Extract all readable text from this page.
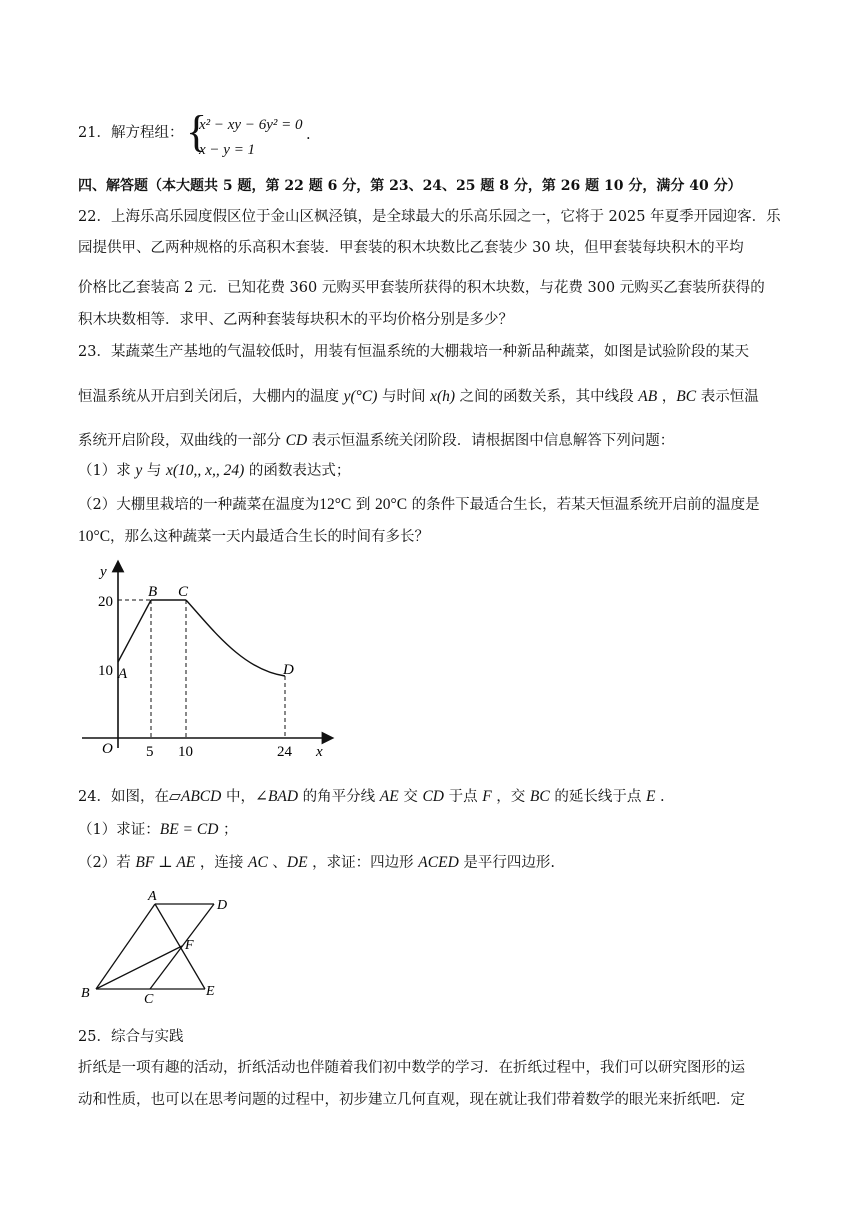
21．解方程组： {
x² − xy − 6y² = 0
x − y = 1
.
四、解答题（本大题共 5 题，第 22 题 6 分，第 23、24、25 题 8 分，第 26 题 10 分，满分 40 分）
22．上海乐高乐园度假区位于金山区枫泾镇，是全球最大的乐高乐园之一，它将于 2025 年夏季开园迎客．乐
园提供甲、乙两种规格的乐高积木套装．甲套装的积木块数比乙套装少 30 块，但甲套装每块积木的平均
价格比乙套装高 2 元．已知花费 360 元购买甲套装所获得的积木块数，与花费 300 元购买乙套装所获得的
积木块数相等．求甲、乙两种套装每块积木的平均价格分别是多少？
23．某蔬菜生产基地的气温较低时，用装有恒温系统的大棚栽培一种新品种蔬菜，如图是试验阶段的某天
恒温系统从开启到关闭后，大棚内的温度 y(°C) 与时间 x(h) 之间的函数关系，其中线段 AB ，BC 表示恒温
系统开启阶段，双曲线的一部分 CD 表示恒温系统关闭阶段．请根据图中信息解答下列问题：
（1）求 y 与 x(10,, x,, 24) 的函数表达式；
（2）大棚里栽培的一种蔬菜在温度为12°C 到 20°C 的条件下最适合生长，若某天恒温系统开启前的温度是
10°C，那么这种蔬菜一天内最适合生长的时间有多长？
y
x
O
20
10
5 10	24
A
B C
D
24．如图，在▱ABCD 中，∠BAD 的角平分线 AE 交 CD 于点 F ，交 BC 的延长线于点 E .
（1）求证：BE = CD ；
（2）若 BF ⊥ AE ，连接 AC 、DE ，求证：四边形 ACED 是平行四边形.
A
D
F
B	C
E
25．综合与实践
折纸是一项有趣的活动，折纸活动也伴随着我们初中数学的学习．在折纸过程中，我们可以研究图形的运
动和性质，也可以在思考问题的过程中，初步建立几何直观，现在就让我们带着数学的眼光来折纸吧．定
